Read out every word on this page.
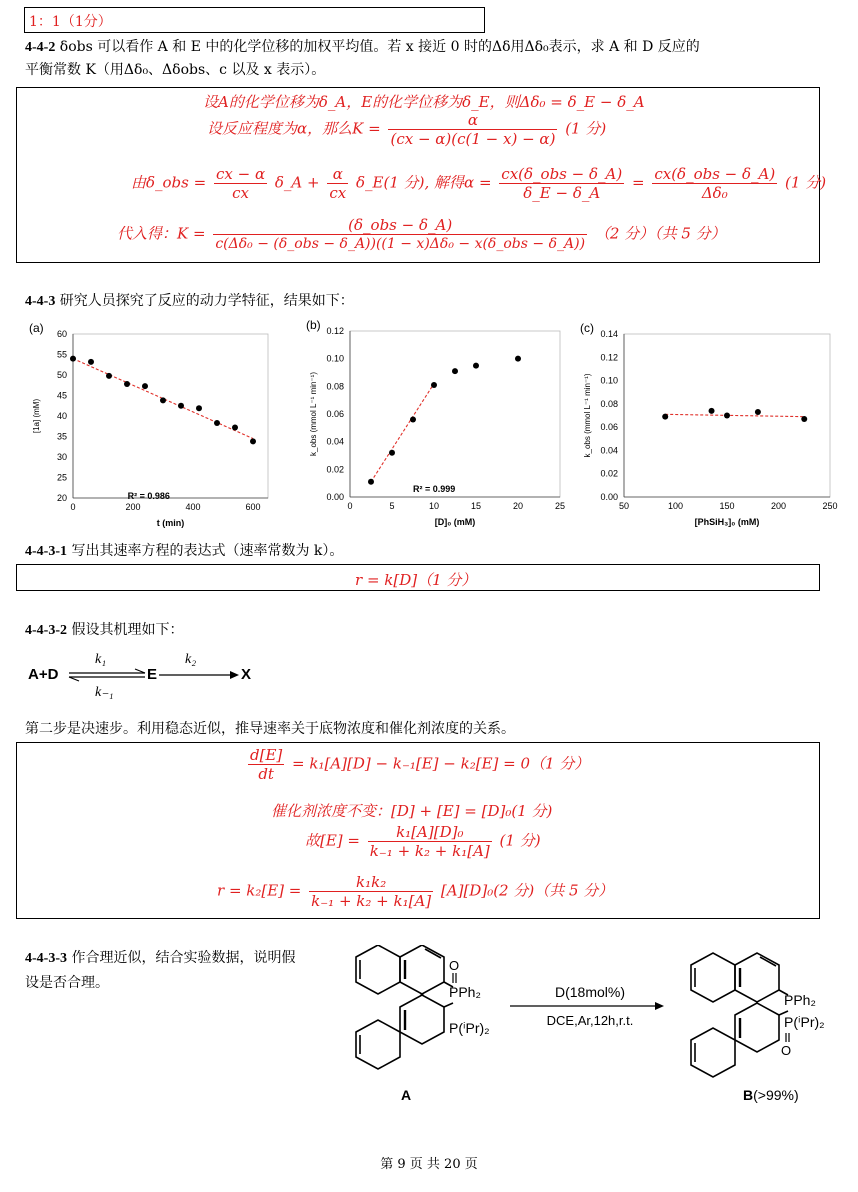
1：1（1分）
4-4-2 δobs 可以看作 A 和 E 中的化学位移的加权平均值。若 x 接近 0 时的Δδ用Δδ₀表示，求 A 和 D 反应的
平衡常数 K（用Δδ₀、Δδobs、c 以及 x 表示）。
设A的化学位移为δ_A，E的化学位移为δ_E，则Δδ₀ = δ_E − δ_A
设反应程度为α，那么$K = \frac{\alpha}{(cx - \alpha)(c(1 - x) - \alpha)} (1$ 分)
由δ_obs = $\frac{cx - \alpha}{cx}$ δ_A + $\frac{\alpha}{cx}$ δ_E(1 分), 解得$\alpha = \frac{\text{cx(δ\_obs − δ\_A)}}{\delta\_E - \delta\_A} = \frac{\text{cx(δ\_obs − δ\_A)}}{\text{Δδ₀}} (1$ 分)
代入得：$K = \frac{\text{(δ\_obs − δ\_A)}}{\text{c(Δδ₀ − (δ\_obs − δ\_A))((1 − x)Δδ₀ − x(δ\_obs − δ\_A))}} (2$ 分）（共 5 分）
4-4-3 研究人员探究了反应的动力学特征，结果如下：
20
25
30
35
40
45
50
55
60
0	200	400	600
(a)
t (min)
[1a] (mM)
R² = 0.986	0.00
0.02
0.04
0.06
0.08
0.10
0.12
0	5	10	15	20	25
(b)
[D]₀ (mM)
k_obs (mmol L⁻¹ min⁻¹)
R² = 0.999
0.00
0.02
0.04
0.06
0.08
0.10
0.12
0.14
50	100	150	200	250
(c)
[PhSiH₃]₀ (mM)
k_obs (mmol L⁻¹ min⁻¹)
4-4-3-1 写出其速率方程的表达式（速率常数为 k）。
r = k[D]（1 分）
4-4-3-2 假设其机理如下：
A+D
k₁
k₋₁
E
k₂
X
第二步是决速步。利用稳态近似，推导速率关于底物浓度和催化剂浓度的关系。
$\frac{d[E]}{dt} = k_1[A][D] - k_{-1}[E] - k_2[E] = 0(1$ 分）
催化剂浓度不变：[D] + [E] = [D]₀(1 分)
故$[E] = \frac{\text{k₁[A][D]₀}}{\text{k₋₁ + k₂ + k₁[A]}} (1$ 分)
$r = k_2[E] = \frac{\text{k₁k₂}}{\text{k₋₁ + k₂ + k₁[A]}} [A][D]_0(2$ 分)（共 5 分）
4-4-3-3 作合理近似，结合实验数据，说明假
设是否合理。
O
PPh₂
P(ⁱPr)₂
A
D(18mol%)
DCE,Ar,12h,r.t.
PPh₂
P(ⁱPr)₂
O
B(>99%)
第 9 页 共 20 页
